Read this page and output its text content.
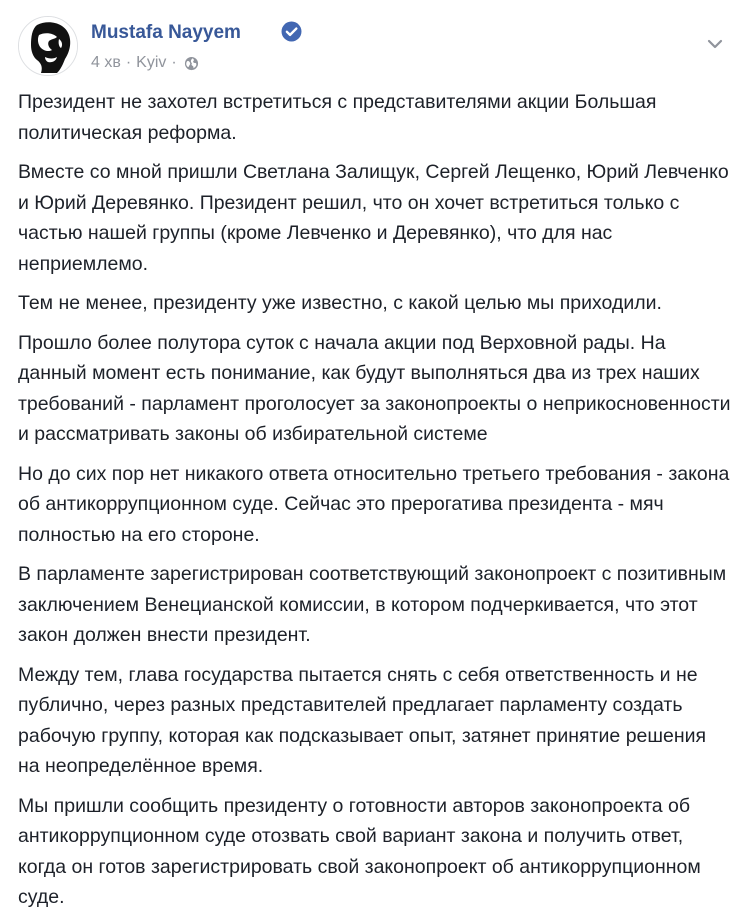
Mustafa Nayyem
4 хв · Kyiv ·

Президент не захотел встретиться с представителями акции Большая политическая реформа.

Вместе со мной пришли Светлана Залищук, Сергей Лещенко, Юрий Левченко и Юрий Деревянко. Президент решил, что он хочет встретиться только с частью нашей группы (кроме Левченко и Деревянко), что для нас неприемлемо.

Тем не менее, президенту уже известно, с какой целью мы приходили.

Прошло более полутора суток с начала акции под Верховной рады. На данный момент есть понимание, как будут выполняться два из трех наших требований - парламент проголосует за законопроекты о неприкосновенности и рассматривать законы об избирательной системе

Но до сих пор нет никакого ответа относительно третьего требования - закона об антикоррупционном суде. Сейчас это прерогатива президента - мяч полностью на его стороне.

В парламенте зарегистрирован соответствующий законопроект с позитивным заключением Венецианской комиссии, в котором подчеркивается, что этот закон должен внести президент.

Между тем, глава государства пытается снять с себя ответственность и не публично, через разных представителей предлагает парламенту создать рабочую группу, которая как подсказывает опыт, затянет принятие решения на неопределённое время.

Мы пришли сообщить президенту о готовности авторов законопроекта об антикоррупционном суде отозвать свой вариант закона и получить ответ, когда он готов зарегистрировать свой законопроект об антикоррупционном суде.
